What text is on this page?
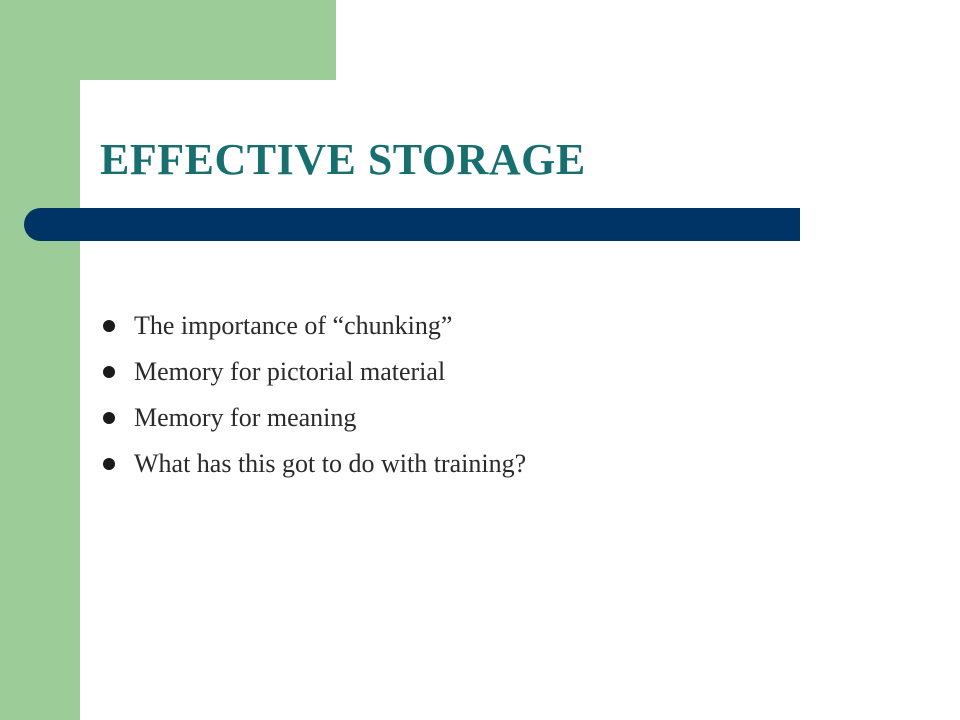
EFFECTIVE STORAGE
The importance of “chunking”
Memory for pictorial material
Memory for meaning
What has this got to do with training?
